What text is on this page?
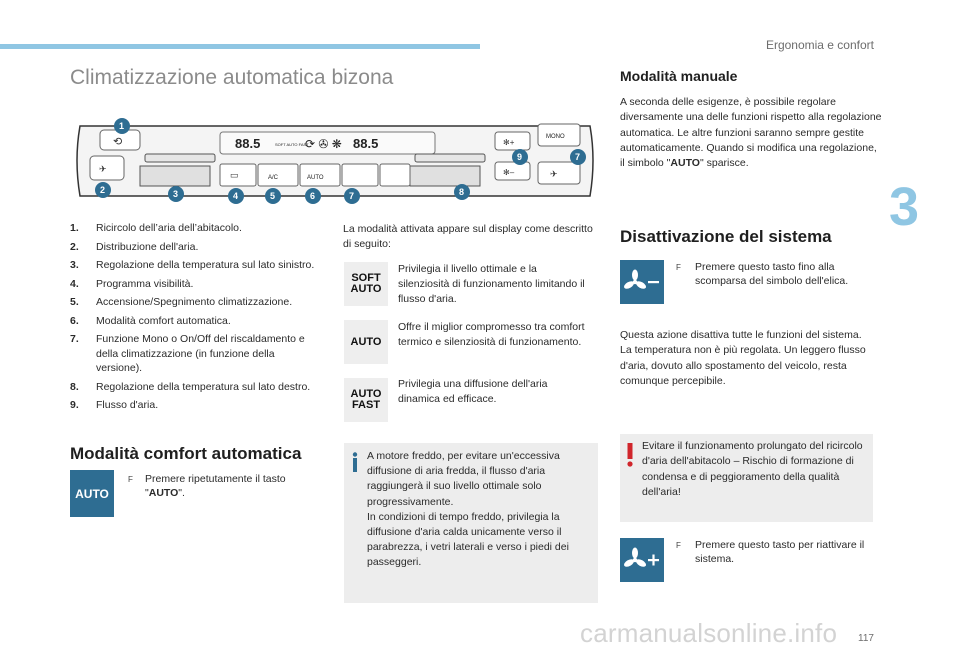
Ergonomia e confort
3
117
Climatizzazione automatica bizona
88.5	SOFT AUTO FAST
⟳ ✇ ❋ 88.5
⟲
✈
▭	A/C	AUTO
✻+
✻–
MONO
✈
1
2	3	4	5	6	7	8
9	7
1.	Ricircolo dell’aria dell’abitacolo.
2.	Distribuzione dell'aria.
3.	Regolazione della temperatura sul lato sinistro.
4.	Programma visibilità.
5.	Accensione/Spegnimento climatizzazione.
6.	Modalità comfort automatica.
7.	Funzione Mono o On/Off del riscaldamento e della climatizzazione (in funzione della versione).
8.	Regolazione della temperatura sul lato destro.
9.	Flusso d'aria.
Modalità comfort automatica
AUTO
F Premere ripetutamente il tasto "AUTO".
La modalità attivata appare sul display come descritto di seguito:
SOFT
AUTO
Privilegia il livello ottimale e la silenziosità di funzionamento limitando il flusso d'aria.
AUTO
Offre il miglior compromesso tra comfort termico e silenziosità di funzionamento.
AUTO
FAST
Privilegia una diffusione dell'aria dinamica ed efficace.
A motore freddo, per evitare un'eccessiva diffusione di aria fredda, il flusso d'aria raggiungerà il suo livello ottimale solo progressivamente.
In condizioni di tempo freddo, privilegia la diffusione d'aria calda unicamente verso il parabrezza, i vetri laterali e verso i piedi dei passeggeri.
Modalità manuale
A seconda delle esigenze, è possibile regolare diversamente una delle funzioni rispetto alla regolazione automatica. Le altre funzioni saranno sempre gestite automaticamente. Quando si modifica una regolazione, il simbolo "AUTO" sparisce.
Disattivazione del sistema
F Premere questo tasto fino alla scomparsa del simbolo dell'elica.
Questa azione disattiva tutte le funzioni del sistema.
La temperatura non è più regolata. Un leggero flusso d'aria, dovuto allo spostamento del veicolo, resta comunque percepibile.
Evitare il funzionamento prolungato del ricircolo d'aria dell'abitacolo – Rischio di formazione di condensa e di peggioramento della qualità dell'aria!
F Premere questo tasto per riattivare il sistema.
carmanualsonline.info
